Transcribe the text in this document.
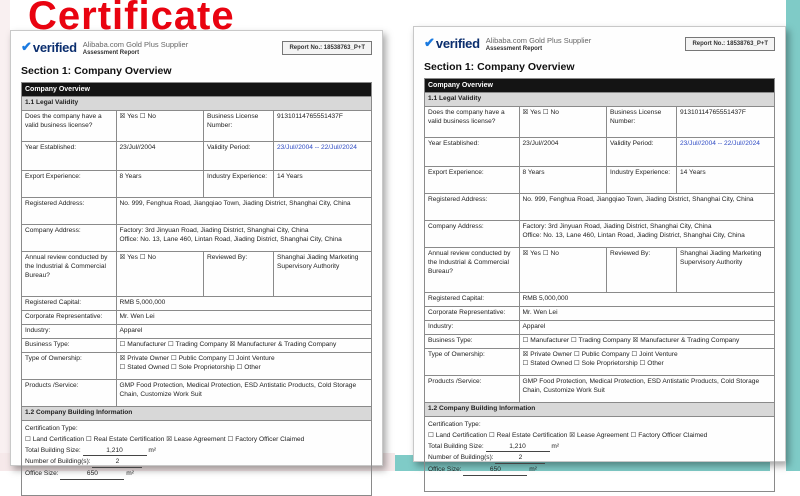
Certificate
✔ verified Alibaba.com Gold Plus Supplier
Assessment Report
Report No.: 18538763_P+T
Section 1: Company Overview
Company Overview			
1.1 Legal Validity			
Does the company have a valid business license?	☒ Yes ☐ No	Business License Number:	91310114765551437F
Year Established:	23/Jul//2004	Validity Period:	23/Jul//2004 -- 22/Jul//2024
Export Experience:	8 Years	Industry Experience:	14 Years
Registered Address:	No. 999, Fenghua Road, Jiangqiao Town, Jiading District, Shanghai City, China		
Company Address:	Factory: 3rd Jinyuan Road, Jiading District, Shanghai City, China
Office: No. 13, Lane 460, Lintan Road, Jiading District, Shanghai City, China		

Annual review conducted by the Industrial & Commercial Bureau?	☒ Yes ☐ No	Reviewed By:	Shanghai Jiading Marketing Supervisory Authority
Registered Capital:	RMB 5,000,000		
Corporate Representative:	Mr. Wen Lei		
Industry:	Apparel		
Business Type:	☐ Manufacturer ☐ Trading Company ☒ Manufacturer & Trading Company		
Type of Ownership:	☒ Private Owner ☐ Public Company ☐ Joint Venture
☐ Stated Owned ☐ Sole Proprietorship ☐ Other		

Products /Service:	GMP Food Protection, Medical Protection, ESD Antistatic Products, Cold Storage Chain, Customize Work Suit		
1.2 Company Building Information			

Certification Type:
☐ Land Certification ☐ Real Estate Certification ☒ Lease Agreement ☐ Factory Officer Claimed
Total Building Size: 1,210 m²
Number of Building(s): 2
Office Size: 650 m²			
✔ verified Alibaba.com Gold Plus Supplier
Assessment Report
Report No.: 18538763_P+T
Section 1: Company Overview
Company Overview			
1.1 Legal Validity			
Does the company have a valid business license?	☒ Yes ☐ No	Business License Number:	91310114765551437F
Year Established:	23/Jul//2004	Validity Period:	23/Jul//2004 -- 22/Jul//2024
Export Experience:	8 Years	Industry Experience:	14 Years
Registered Address:	No. 999, Fenghua Road, Jiangqiao Town, Jiading District, Shanghai City, China		
Company Address:	Factory: 3rd Jinyuan Road, Jiading District, Shanghai City, China
Office: No. 13, Lane 460, Lintan Road, Jiading District, Shanghai City, China		

Annual review conducted by the Industrial & Commercial Bureau?	☒ Yes ☐ No	Reviewed By:	Shanghai Jiading Marketing Supervisory Authority
Registered Capital:	RMB 5,000,000		
Corporate Representative:	Mr. Wen Lei		
Industry:	Apparel		
Business Type:	☐ Manufacturer ☐ Trading Company ☒ Manufacturer & Trading Company		
Type of Ownership:	☒ Private Owner ☐ Public Company ☐ Joint Venture
☐ Stated Owned ☐ Sole Proprietorship ☐ Other		

Products /Service:	GMP Food Protection, Medical Protection, ESD Antistatic Products, Cold Storage Chain, Customize Work Suit		
1.2 Company Building Information			

Certification Type:
☐ Land Certification ☐ Real Estate Certification ☒ Lease Agreement ☐ Factory Officer Claimed
Total Building Size: 1,210 m²
Number of Building(s): 2
Office Size: 650 m²			
